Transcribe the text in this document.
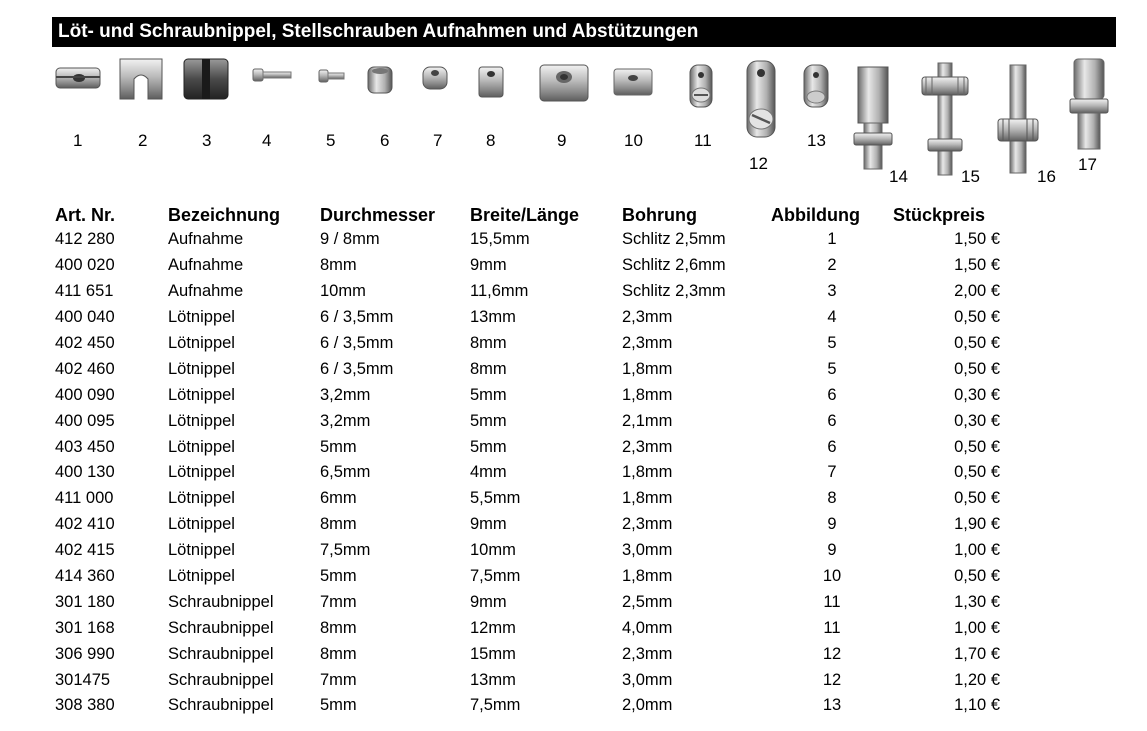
Löt- und Schraubnippel, Stellschrauben Aufnahmen und Abstützungen
1	2	3	4	5	6	7	8	9	10	11
12
13
14	15	16
17
Art. Nr.	Bezeichnung	Durchmesser	Breite/Länge	Bohrung	Abbildung	Stückpreis
412 280	Aufnahme	9 / 8mm	15,5mm	Schlitz 2,5mm	1	1,50 €
400 020	Aufnahme	8mm	9mm	Schlitz 2,6mm	2	1,50 €
411 651	Aufnahme	10mm	11,6mm	Schlitz 2,3mm	3	2,00 €
400 040	Lötnippel	6 / 3,5mm	13mm	2,3mm	4	0,50 €
402 450	Lötnippel	6 / 3,5mm	8mm	2,3mm	5	0,50 €
402 460	Lötnippel	6 / 3,5mm	8mm	1,8mm	5	0,50 €
400 090	Lötnippel	3,2mm	5mm	1,8mm	6	0,30 €
400 095	Lötnippel	3,2mm	5mm	2,1mm	6	0,30 €
403 450	Lötnippel	5mm	5mm	2,3mm	6	0,50 €
400 130	Lötnippel	6,5mm	4mm	1,8mm	7	0,50 €
411 000	Lötnippel	6mm	5,5mm	1,8mm	8	0,50 €
402 410	Lötnippel	8mm	9mm	2,3mm	9	1,90 €
402 415	Lötnippel	7,5mm	10mm	3,0mm	9	1,00 €
414 360	Lötnippel	5mm	7,5mm	1,8mm	10	0,50 €
301 180	Schraubnippel	7mm	9mm	2,5mm	11	1,30 €
301 168	Schraubnippel	8mm	12mm	4,0mm	11	1,00 €
306 990	Schraubnippel	8mm	15mm	2,3mm	12	1,70 €
301475	Schraubnippel	7mm	13mm	3,0mm	12	1,20 €
308 380	Schraubnippel	5mm	7,5mm	2,0mm	13	1,10 €
